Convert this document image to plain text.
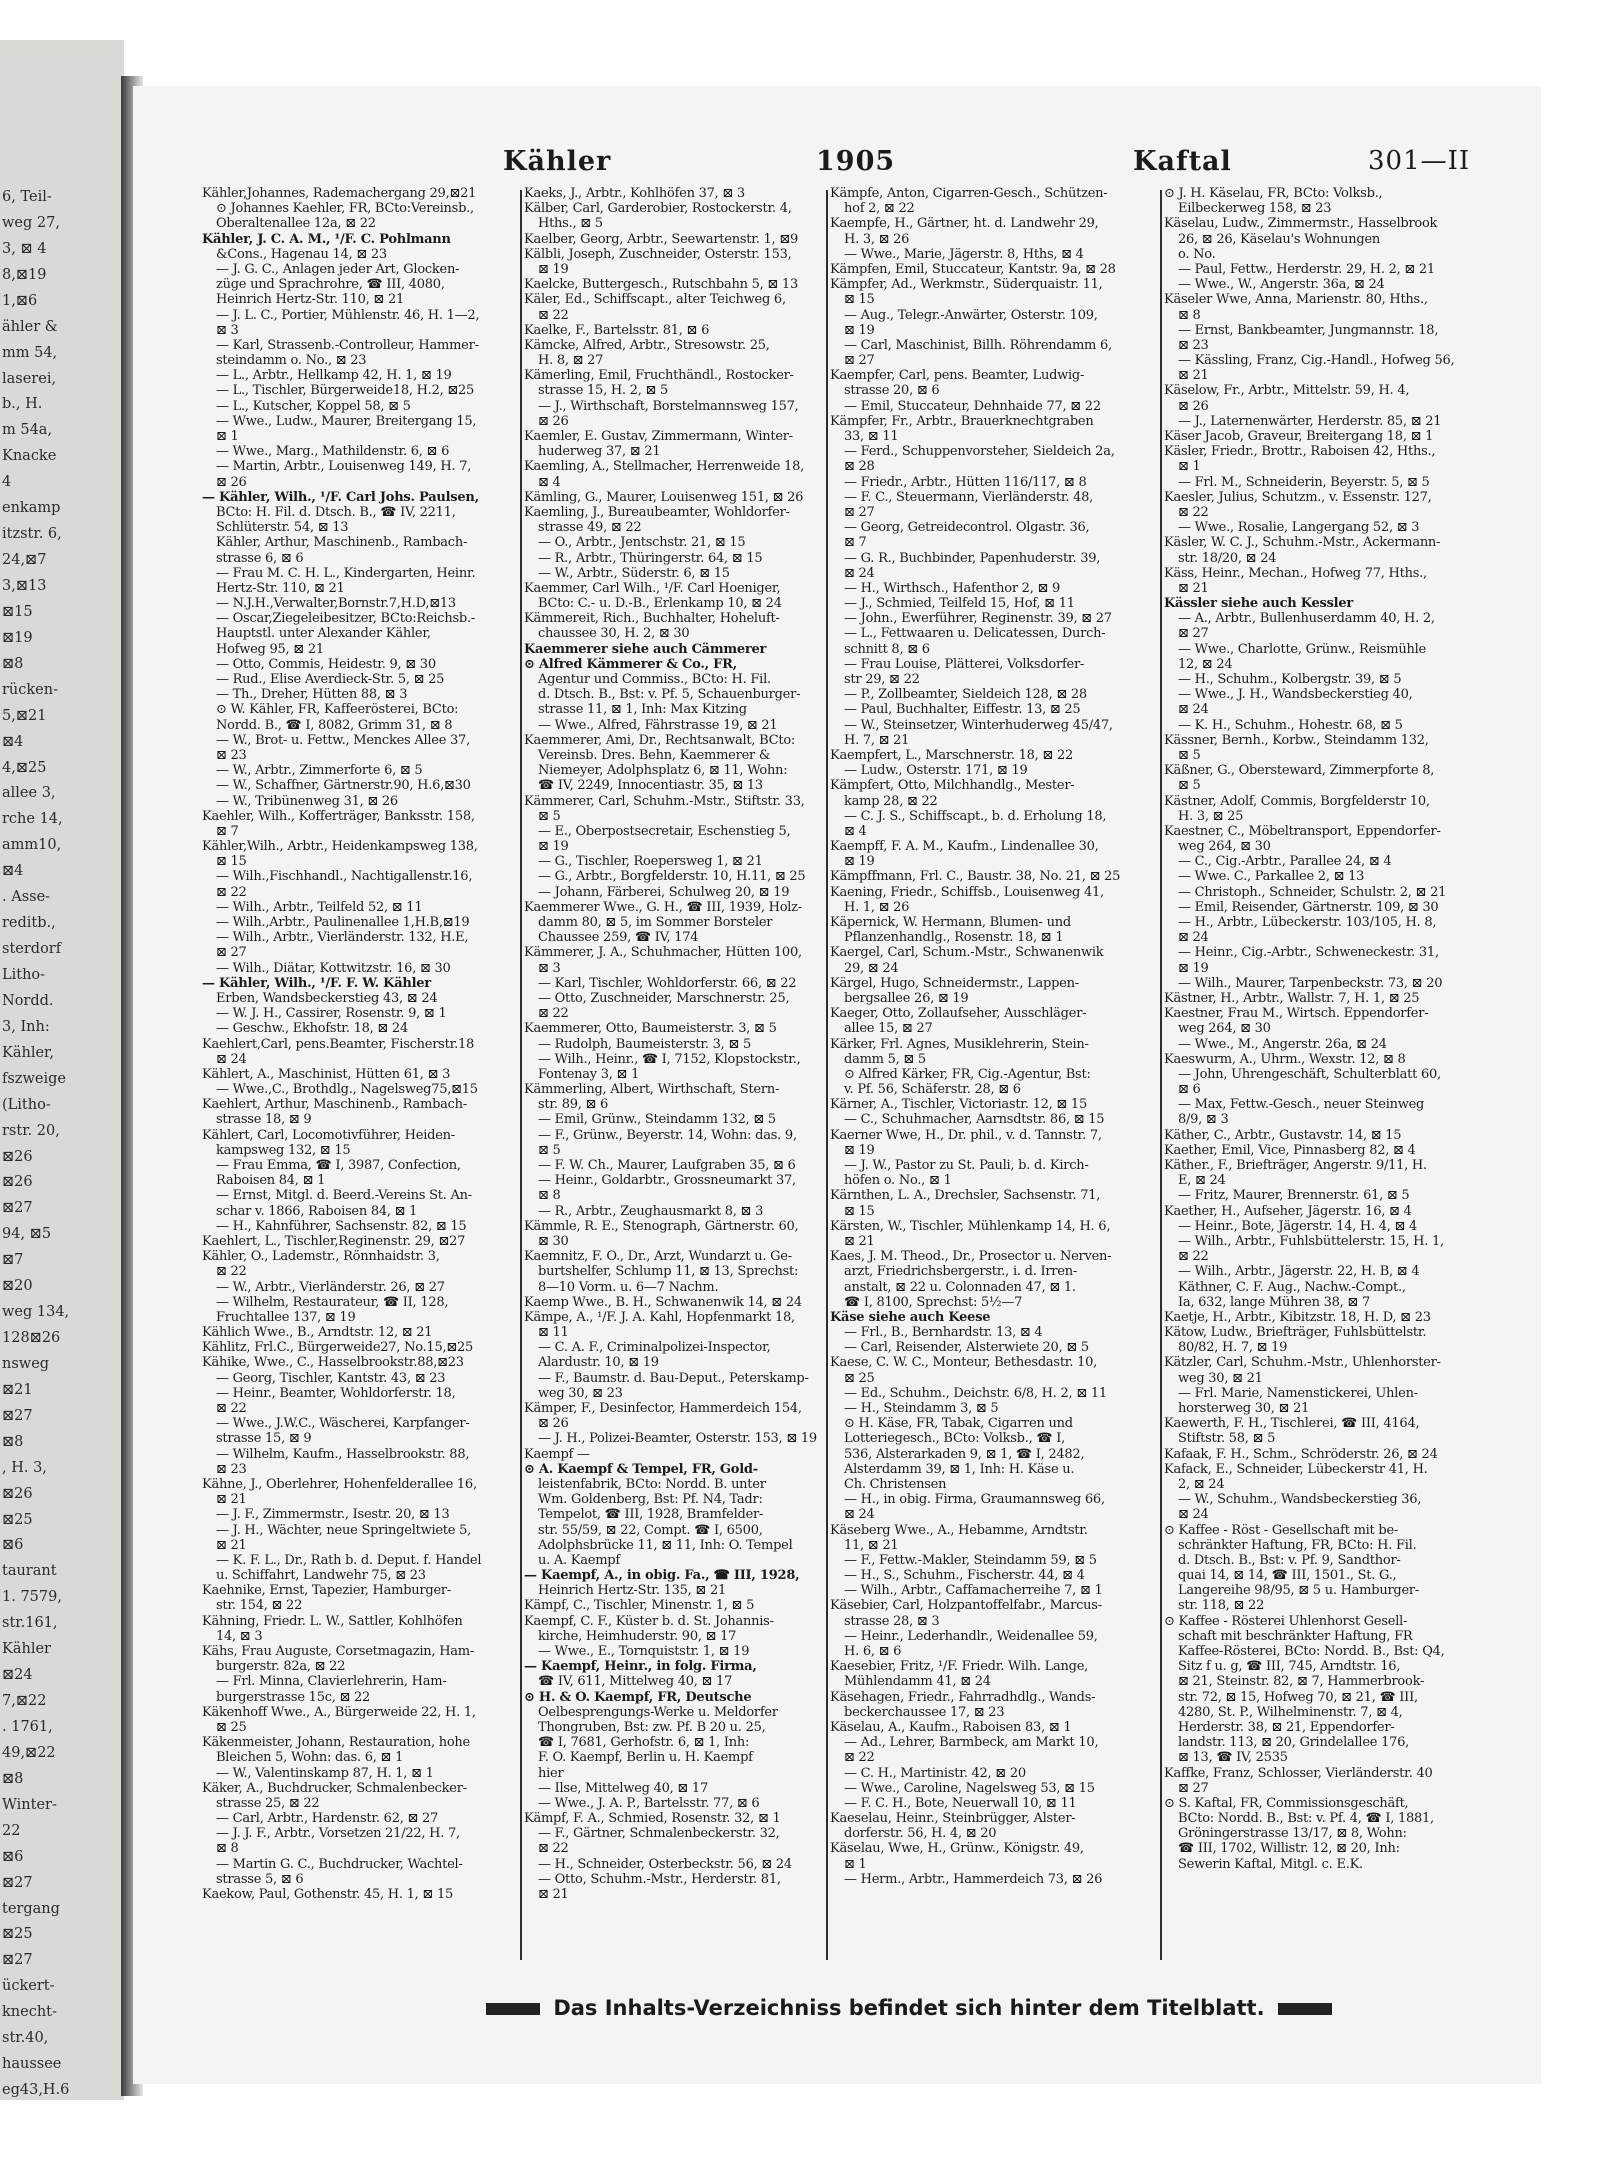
6, Teil-
weg 27,
3, ⊠ 4
8,⊠19
1,⊠6
ähler &
mm 54,
laserei,
b., H.
m 54a,
Knacke
4
enkamp
itzstr. 6,
24,⊠7
3,⊠13
⊠15
⊠19
⊠8
rücken-
5,⊠21
⊠4
4,⊠25
allee 3,
rche 14,
amm10,
⊠4
. Asse-
reditb.,
sterdorf
Litho-
Nordd.
3, Inh:
Kähler,
fszweige
(Litho-
rstr. 20,
⊠26
⊠26
⊠27
94, ⊠5
⊠7
⊠20
weg 134,
128⊠26
nsweg
⊠21
⊠27
⊠8
, H. 3,
⊠26
⊠25
⊠6
taurant
1. 7579,
str.161,
Kähler
⊠24
7,⊠22
. 1761,
49,⊠22
⊠8
Winter-
22
⊠6
⊠27
tergang
⊠25
⊠27
ückert-
knecht-
str.40,
haussee
eg43,H.6
Kähler	1905	Kaftal	301—II
Kähler,Johannes, Rademachergang 29,⊠21
⊙ Johannes Kaehler, FR, BCto:Vereinsb.,
Oberaltenallee 12a, ⊠ 22
Kähler, J. C. A. M., ¹/F. C. Pohlmann
&Cons., Hagenau 14, ⊠ 23
— J. G. C., Anlagen jeder Art, Glocken-
züge und Sprachrohre, ☎ III, 4080,
Heinrich Hertz-Str. 110, ⊠ 21
— J. L. C., Portier, Mühlenstr. 46, H. 1—2,
⊠ 3
— Karl, Strassenb.-Controlleur, Hammer-
steindamm o. No., ⊠ 23
— L., Arbtr., Hellkamp 42, H. 1, ⊠ 19
— L., Tischler, Bürgerweide18, H.2, ⊠25
— L., Kutscher, Koppel 58, ⊠ 5
— Wwe., Ludw., Maurer, Breitergang 15,
⊠ 1
— Wwe., Marg., Mathildenstr. 6, ⊠ 6
— Martin, Arbtr., Louisenweg 149, H. 7,
⊠ 26
— Kähler, Wilh., ¹/F. Carl Johs. Paulsen,
BCto: H. Fil. d. Dtsch. B., ☎ IV, 2211,
Schlüterstr. 54, ⊠ 13
Kähler, Arthur, Maschinenb., Rambach-
strasse 6, ⊠ 6
— Frau M. C. H. L., Kindergarten, Heinr.
Hertz-Str. 110, ⊠ 21
— N.J.H.,Verwalter,Bornstr.7,H.D,⊠13
— Oscar,Ziegeleibesitzer, BCto:Reichsb.-
Hauptstl. unter Alexander Kähler,
Hofweg 95, ⊠ 21
— Otto, Commis, Heidestr. 9, ⊠ 30
— Rud., Elise Averdieck-Str. 5, ⊠ 25
— Th., Dreher, Hütten 88, ⊠ 3
⊙ W. Kähler, FR, Kaffeerösterei, BCto:
Nordd. B., ☎ I, 8082, Grimm 31, ⊠ 8
— W., Brot- u. Fettw., Menckes Allee 37,
⊠ 23
— W., Arbtr., Zimmerforte 6, ⊠ 5
— W., Schaffner, Gärtnerstr.90, H.6,⊠30
— W., Tribünenweg 31, ⊠ 26
Kaehler, Wilh., Kofferträger, Banksstr. 158,
⊠ 7
Kähler,Wilh., Arbtr., Heidenkampsweg 138,
⊠ 15
— Wilh.,Fischhandl., Nachtigallenstr.16,
⊠ 22
— Wilh., Arbtr., Teilfeld 52, ⊠ 11
— Wilh.,Arbtr., Paulinenallee 1,H.B,⊠19
— Wilh., Arbtr., Vierländerstr. 132, H.E,
⊠ 27
— Wilh., Diätar, Kottwitzstr. 16, ⊠ 30
— Kähler, Wilh., ¹/F. F. W. Kähler
Erben, Wandsbeckerstieg 43, ⊠ 24
— W. J. H., Cassirer, Rosenstr. 9, ⊠ 1
— Geschw., Ekhofstr. 18, ⊠ 24
Kaehlert,Carl, pens.Beamter, Fischerstr.18
⊠ 24
Kählert, A., Maschinist, Hütten 61, ⊠ 3
— Wwe.,C., Brothdlg., Nagelsweg75,⊠15
Kaehlert, Arthur, Maschinenb., Rambach-
strasse 18, ⊠ 9
Kählert, Carl, Locomotivführer, Heiden-
kampsweg 132, ⊠ 15
— Frau Emma, ☎ I, 3987, Confection,
Raboisen 84, ⊠ 1
— Ernst, Mitgl. d. Beerd.-Vereins St. An-
schar v. 1866, Raboisen 84, ⊠ 1
— H., Kahnführer, Sachsenstr. 82, ⊠ 15
Kaehlert, L., Tischler,Reginenstr. 29, ⊠27
Kähler, O., Lademstr., Rönnhaidstr. 3,
⊠ 22
— W., Arbtr., Vierländerstr. 26, ⊠ 27
— Wilhelm, Restaurateur, ☎ II, 128,
Fruchtallee 137, ⊠ 19
Kählich Wwe., B., Arndtstr. 12, ⊠ 21
Kählitz, Frl.C., Bürgerweide27, No.15,⊠25
Kähike, Wwe., C., Hasselbrookstr.88,⊠23
— Georg, Tischler, Kantstr. 43, ⊠ 23
— Heinr., Beamter, Wohldorferstr. 18,
⊠ 22
— Wwe., J.W.C., Wäscherei, Karpfanger-
strasse 15, ⊠ 9
— Wilhelm, Kaufm., Hasselbrookstr. 88,
⊠ 23
Kähne, J., Oberlehrer, Hohenfelderallee 16,
⊠ 21
— J. F., Zimmermstr., Isestr. 20, ⊠ 13
— J. H., Wächter, neue Springeltwiete 5,
⊠ 21
— K. F. L., Dr., Rath b. d. Deput. f. Handel
u. Schiffahrt, Landwehr 75, ⊠ 23
Kaehnike, Ernst, Tapezier, Hamburger-
str. 154, ⊠ 22
Kähning, Friedr. L. W., Sattler, Kohlhöfen
14, ⊠ 3
Kähs, Frau Auguste, Corsetmagazin, Ham-
burgerstr. 82a, ⊠ 22
— Frl. Minna, Clavierlehrerin, Ham-
burgerstrasse 15c, ⊠ 22
Käkenhoff Wwe., A., Bürgerweide 22, H. 1,
⊠ 25
Käkenmeister, Johann, Restauration, hohe
Bleichen 5, Wohn: das. 6, ⊠ 1
— W., Valentinskamp 87, H. 1, ⊠ 1
Käker, A., Buchdrucker, Schmalenbecker-
strasse 25, ⊠ 22
— Carl, Arbtr., Hardenstr. 62, ⊠ 27
— J. J. F., Arbtr., Vorsetzen 21/22, H. 7,
⊠ 8
— Martin G. C., Buchdrucker, Wachtel-
strasse 5, ⊠ 6
Kaekow, Paul, Gothenstr. 45, H. 1, ⊠ 15
Kaeks, J., Arbtr., Kohlhöfen 37, ⊠ 3
Kälber, Carl, Garderobier, Rostockerstr. 4,
Hths., ⊠ 5
Kaelber, Georg, Arbtr., Seewartenstr. 1, ⊠9
Kälbli, Joseph, Zuschneider, Osterstr. 153,
⊠ 19
Kaelcke, Buttergesch., Rutschbahn 5, ⊠ 13
Käler, Ed., Schiffscapt., alter Teichweg 6,
⊠ 22
Kaelke, F., Bartelsstr. 81, ⊠ 6
Kämcke, Alfred, Arbtr., Stresowstr. 25,
H. 8, ⊠ 27
Kämerling, Emil, Fruchthändl., Rostocker-
strasse 15, H. 2, ⊠ 5
— J., Wirthschaft, Borstelmannsweg 157,
⊠ 26
Kaemler, E. Gustav, Zimmermann, Winter-
huderweg 37, ⊠ 21
Kaemling, A., Stellmacher, Herrenweide 18,
⊠ 4
Kämling, G., Maurer, Louisenweg 151, ⊠ 26
Kaemling, J., Bureaubeamter, Wohldorfer-
strasse 49, ⊠ 22
— O., Arbtr., Jentschstr. 21, ⊠ 15
— R., Arbtr., Thüringerstr. 64, ⊠ 15
— W., Arbtr., Süderstr. 6, ⊠ 15
Kaemmer, Carl Wilh., ¹/F. Carl Hoeniger,
BCto: C.- u. D.-B., Erlenkamp 10, ⊠ 24
Kämmereit, Rich., Buchhalter, Hoheluft-
chaussee 30, H. 2, ⊠ 30
Kaemmerer siehe auch Cämmerer
⊙ Alfred Kämmerer & Co., FR,
Agentur und Commiss., BCto: H. Fil.
d. Dtsch. B., Bst: v. Pf. 5, Schauenburger-
strasse 11, ⊠ 1, Inh: Max Kitzing
— Wwe., Alfred, Fährstrasse 19, ⊠ 21
Kaemmerer, Ami, Dr., Rechtsanwalt, BCto:
Vereinsb. Dres. Behn, Kaemmerer &
Niemeyer, Adolphsplatz 6, ⊠ 11, Wohn:
☎ IV, 2249, Innocentiastr. 35, ⊠ 13
Kämmerer, Carl, Schuhm.-Mstr., Stiftstr. 33,
⊠ 5
— E., Oberpostsecretair, Eschenstieg 5,
⊠ 19
— G., Tischler, Roepersweg 1, ⊠ 21
— G., Arbtr., Borgfelderstr. 10, H.11, ⊠ 25
— Johann, Färberei, Schulweg 20, ⊠ 19
Kaemmerer Wwe., G. H., ☎ III, 1939, Holz-
damm 80, ⊠ 5, im Sommer Borsteler
Chaussee 259, ☎ IV, 174
Kämmerer, J. A., Schuhmacher, Hütten 100,
⊠ 3
— Karl, Tischler, Wohldorferstr. 66, ⊠ 22
— Otto, Zuschneider, Marschnerstr. 25,
⊠ 22
Kaemmerer, Otto, Baumeisterstr. 3, ⊠ 5
— Rudolph, Baumeisterstr. 3, ⊠ 5
— Wilh., Heinr., ☎ I, 7152, Klopstockstr.,
Fontenay 3, ⊠ 1
Kämmerling, Albert, Wirthschaft, Stern-
str. 89, ⊠ 6
— Emil, Grünw., Steindamm 132, ⊠ 5
— F., Grünw., Beyerstr. 14, Wohn: das. 9,
⊠ 5
— F. W. Ch., Maurer, Laufgraben 35, ⊠ 6
— Heinr., Goldarbtr., Grossneumarkt 37,
⊠ 8
— R., Arbtr., Zeughausmarkt 8, ⊠ 3
Kämmle, R. E., Stenograph, Gärtnerstr. 60,
⊠ 30
Kaemnitz, F. O., Dr., Arzt, Wundarzt u. Ge-
burtshelfer, Schlump 11, ⊠ 13, Sprechst:
8—10 Vorm. u. 6—7 Nachm.
Kaemp Wwe., B. H., Schwanenwik 14, ⊠ 24
Kämpe, A., ¹/F. J. A. Kahl, Hopfenmarkt 18,
⊠ 11
— C. A. F., Criminalpolizei-Inspector,
Alardustr. 10, ⊠ 19
— F., Baumstr. d. Bau-Deput., Peterskamp-
weg 30, ⊠ 23
Kämper, F., Desinfector, Hammerdeich 154,
⊠ 26
— J. H., Polizei-Beamter, Osterstr. 153, ⊠ 19
Kaempf —
⊙ A. Kaempf & Tempel, FR, Gold-
leistenfabrik, BCto: Nordd. B. unter
Wm. Goldenberg, Bst: Pf. N4, Tadr:
Tempelot, ☎ III, 1928, Bramfelder-
str. 55/59, ⊠ 22, Compt. ☎ I, 6500,
Adolphsbrücke 11, ⊠ 11, Inh: O. Tempel
u. A. Kaempf
— Kaempf, A., in obig. Fa., ☎ III, 1928,
Heinrich Hertz-Str. 135, ⊠ 21
Kämpf, C., Tischler, Minenstr. 1, ⊠ 5
Kaempf, C. F., Küster b. d. St. Johannis-
kirche, Heimhuderstr. 90, ⊠ 17
— Wwe., E., Tornquiststr. 1, ⊠ 19
— Kaempf, Heinr., in folg. Firma,
☎ IV, 611, Mittelweg 40, ⊠ 17
⊙ H. & O. Kaempf, FR, Deutsche
Oelbesprengungs-Werke u. Meldorfer
Thongruben, Bst: zw. Pf. B 20 u. 25,
☎ I, 7681, Gerhofstr. 6, ⊠ 1, Inh:
F. O. Kaempf, Berlin u. H. Kaempf
hier
— Ilse, Mittelweg 40, ⊠ 17
— Wwe., J. A. P., Bartelsstr. 77, ⊠ 6
Kämpf, F. A., Schmied, Rosenstr. 32, ⊠ 1
— F., Gärtner, Schmalenbeckerstr. 32,
⊠ 22
— H., Schneider, Osterbeckstr. 56, ⊠ 24
— Otto, Schuhm.-Mstr., Herderstr. 81,
⊠ 21
Kämpfe, Anton, Cigarren-Gesch., Schützen-
hof 2, ⊠ 22
Kaempfe, H., Gärtner, ht. d. Landwehr 29,
H. 3, ⊠ 26
— Wwe., Marie, Jägerstr. 8, Hths, ⊠ 4
Kämpfen, Emil, Stuccateur, Kantstr. 9a, ⊠ 28
Kämpfer, Ad., Werkmstr., Süderquaistr. 11,
⊠ 15
— Aug., Telegr.-Anwärter, Osterstr. 109,
⊠ 19
— Carl, Maschinist, Billh. Röhrendamm 6,
⊠ 27
Kaempfer, Carl, pens. Beamter, Ludwig-
strasse 20, ⊠ 6
— Emil, Stuccateur, Dehnhaide 77, ⊠ 22
Kämpfer, Fr., Arbtr., Brauerknechtgraben
33, ⊠ 11
— Ferd., Schuppenvorsteher, Sieldeich 2a,
⊠ 28
— Friedr., Arbtr., Hütten 116/117, ⊠ 8
— F. C., Steuermann, Vierländerstr. 48,
⊠ 27
— Georg, Getreidecontrol. Olgastr. 36,
⊠ 7
— G. R., Buchbinder, Papenhuderstr. 39,
⊠ 24
— H., Wirthsch., Hafenthor 2, ⊠ 9
— J., Schmied, Teilfeld 15, Hof, ⊠ 11
— John., Ewerführer, Reginenstr. 39, ⊠ 27
— L., Fettwaaren u. Delicatessen, Durch-
schnitt 8, ⊠ 6
— Frau Louise, Plätterei, Volksdorfer-
str 29, ⊠ 22
— P., Zollbeamter, Sieldeich 128, ⊠ 28
— Paul, Buchhalter, Eiffestr. 13, ⊠ 25
— W., Steinsetzer, Winterhuderweg 45/47,
H. 7, ⊠ 21
Kaempfert, L., Marschnerstr. 18, ⊠ 22
— Ludw., Osterstr. 171, ⊠ 19
Kämpfert, Otto, Milchhandlg., Mester-
kamp 28, ⊠ 22
— C. J. S., Schiffscapt., b. d. Erholung 18,
⊠ 4
Kaempff, F. A. M., Kaufm., Lindenallee 30,
⊠ 19
Kämpffmann, Frl. C., Baustr. 38, No. 21, ⊠ 25
Kaening, Friedr., Schiffsb., Louisenweg 41,
H. 1, ⊠ 26
Käpernick, W. Hermann, Blumen- und
Pflanzenhandlg., Rosenstr. 18, ⊠ 1
Kaergel, Carl, Schum.-Mstr., Schwanenwik
29, ⊠ 24
Kärgel, Hugo, Schneidermstr., Lappen-
bergsallee 26, ⊠ 19
Kaeger, Otto, Zollaufseher, Ausschläger-
allee 15, ⊠ 27
Kärker, Frl. Agnes, Musiklehrerin, Stein-
damm 5, ⊠ 5
⊙ Alfred Kärker, FR, Cig.-Agentur, Bst:
v. Pf. 56, Schäferstr. 28, ⊠ 6
Kärner, A., Tischler, Victoriastr. 12, ⊠ 15
— C., Schuhmacher, Aarnsdtstr. 86, ⊠ 15
Kaerner Wwe, H., Dr. phil., v. d. Tannstr. 7,
⊠ 19
— J. W., Pastor zu St. Pauli, b. d. Kirch-
höfen o. No., ⊠ 1
Kärnthen, L. A., Drechsler, Sachsenstr. 71,
⊠ 15
Kärsten, W., Tischler, Mühlenkamp 14, H. 6,
⊠ 21
Kaes, J. M. Theod., Dr., Prosector u. Nerven-
arzt, Friedrichsbergerstr., i. d. Irren-
anstalt, ⊠ 22 u. Colonnaden 47, ⊠ 1.
☎ I, 8100, Sprechst: 5½—7
Käse siehe auch Keese
— Frl., B., Bernhardstr. 13, ⊠ 4
— Carl, Reisender, Alsterwiete 20, ⊠ 5
Kaese, C. W. C., Monteur, Bethesdastr. 10,
⊠ 25
— Ed., Schuhm., Deichstr. 6/8, H. 2, ⊠ 11
— H., Steindamm 3, ⊠ 5
⊙ H. Käse, FR, Tabak, Cigarren und
Lotteriegesch., BCto: Volksb., ☎ I,
536, Alsterarkaden 9, ⊠ 1, ☎ I, 2482,
Alsterdamm 39, ⊠ 1, Inh: H. Käse u.
Ch. Christensen
— H., in obig. Firma, Graumannsweg 66,
⊠ 24
Käseberg Wwe., A., Hebamme, Arndtstr.
11, ⊠ 21
— F., Fettw.-Makler, Steindamm 59, ⊠ 5
— H., S., Schuhm., Fischerstr. 44, ⊠ 4
— Wilh., Arbtr., Caffamacherreihe 7, ⊠ 1
Käsebier, Carl, Holzpantoffelfabr., Marcus-
strasse 28, ⊠ 3
— Heinr., Lederhandlr., Weidenallee 59,
H. 6, ⊠ 6
Kaesebier, Fritz, ¹/F. Friedr. Wilh. Lange,
Mühlendamm 41, ⊠ 24
Käsehagen, Friedr., Fahrradhdlg., Wands-
beckerchaussee 17, ⊠ 23
Käselau, A., Kaufm., Raboisen 83, ⊠ 1
— Ad., Lehrer, Barmbeck, am Markt 10,
⊠ 22
— C. H., Martinistr. 42, ⊠ 20
— Wwe., Caroline, Nagelsweg 53, ⊠ 15
— F. C. H., Bote, Neuerwall 10, ⊠ 11
Kaeselau, Heinr., Steinbrügger, Alster-
dorferstr. 56, H. 4, ⊠ 20
Käselau, Wwe, H., Grünw., Königstr. 49,
⊠ 1
— Herm., Arbtr., Hammerdeich 73, ⊠ 26
⊙ J. H. Käselau, FR, BCto: Volksb.,
Eilbeckerweg 158, ⊠ 23
Käselau, Ludw., Zimmermstr., Hasselbrook
26, ⊠ 26, Käselau's Wohnungen
o. No.
— Paul, Fettw., Herderstr. 29, H. 2, ⊠ 21
— Wwe., W., Angerstr. 36a, ⊠ 24
Käseler Wwe, Anna, Marienstr. 80, Hths.,
⊠ 8
— Ernst, Bankbeamter, Jungmannstr. 18,
⊠ 23
— Kässling, Franz, Cig.-Handl., Hofweg 56,
⊠ 21
Käselow, Fr., Arbtr., Mittelstr. 59, H. 4,
⊠ 26
— J., Laternenwärter, Herderstr. 85, ⊠ 21
Käser Jacob, Graveur, Breitergang 18, ⊠ 1
Käsler, Friedr., Brottr., Raboisen 42, Hths.,
⊠ 1
— Frl. M., Schneiderin, Beyerstr. 5, ⊠ 5
Kaesler, Julius, Schutzm., v. Essenstr. 127,
⊠ 22
— Wwe., Rosalie, Langergang 52, ⊠ 3
Käsler, W. C. J., Schuhm.-Mstr., Ackermann-
str. 18/20, ⊠ 24
Käss, Heinr., Mechan., Hofweg 77, Hths.,
⊠ 21
Kässler siehe auch Kessler
— A., Arbtr., Bullenhuserdamm 40, H. 2,
⊠ 27
— Wwe., Charlotte, Grünw., Reismühle
12, ⊠ 24
— H., Schuhm., Kolbergstr. 39, ⊠ 5
— Wwe., J. H., Wandsbeckerstieg 40,
⊠ 24
— K. H., Schuhm., Hohestr. 68, ⊠ 5
Kässner, Bernh., Korbw., Steindamm 132,
⊠ 5
Käßner, G., Obersteward, Zimmerpforte 8,
⊠ 5
Kästner, Adolf, Commis, Borgfelderstr 10,
H. 3, ⊠ 25
Kaestner, C., Möbeltransport, Eppendorfer-
weg 264, ⊠ 30
— C., Cig.-Arbtr., Parallee 24, ⊠ 4
— Wwe. C., Parkallee 2, ⊠ 13
— Christoph., Schneider, Schulstr. 2, ⊠ 21
— Emil, Reisender, Gärtnerstr. 109, ⊠ 30
— H., Arbtr., Lübeckerstr. 103/105, H. 8,
⊠ 24
— Heinr., Cig.-Arbtr., Schweneckestr. 31,
⊠ 19
— Wilh., Maurer, Tarpenbeckstr. 73, ⊠ 20
Kästner, H., Arbtr., Wallstr. 7, H. 1, ⊠ 25
Kaestner, Frau M., Wirtsch. Eppendorfer-
weg 264, ⊠ 30
— Wwe., M., Angerstr. 26a, ⊠ 24
Kaeswurm, A., Uhrm., Wexstr. 12, ⊠ 8
— John, Uhrengeschäft, Schulterblatt 60,
⊠ 6
— Max, Fettw.-Gesch., neuer Steinweg
8/9, ⊠ 3
Käther, C., Arbtr., Gustavstr. 14, ⊠ 15
Kaether, Emil, Vice, Pinnasberg 82, ⊠ 4
Käther., F., Briefträger, Angerstr. 9/11, H.
E, ⊠ 24
— Fritz, Maurer, Brennerstr. 61, ⊠ 5
Kaether, H., Aufseher, Jägerstr. 16, ⊠ 4
— Heinr., Bote, Jägerstr. 14, H. 4, ⊠ 4
— Wilh., Arbtr., Fuhlsbüttelerstr. 15, H. 1,
⊠ 22
— Wilh., Arbtr., Jägerstr. 22, H. B, ⊠ 4
Käthner, C. F. Aug., Nachw.-Compt.,
Ia, 632, lange Mühren 38, ⊠ 7
Kaetje, H., Arbtr., Kibitzstr. 18, H. D, ⊠ 23
Kätow, Ludw., Briefträger, Fuhlsbüttelstr.
80/82, H. 7, ⊠ 19
Kätzler, Carl, Schuhm.-Mstr., Uhlenhorster-
weg 30, ⊠ 21
— Frl. Marie, Namenstickerei, Uhlen-
horsterweg 30, ⊠ 21
Kaewerth, F. H., Tischlerei, ☎ III, 4164,
Stiftstr. 58, ⊠ 5
Kafaak, F. H., Schm., Schröderstr. 26, ⊠ 24
Kafack, E., Schneider, Lübeckerstr 41, H.
2, ⊠ 24
— W., Schuhm., Wandsbeckerstieg 36,
⊠ 24
⊙ Kaffee - Röst - Gesellschaft mit be-
schränkter Haftung, FR, BCto: H. Fil.
d. Dtsch. B., Bst: v. Pf. 9, Sandthor-
quai 14, ⊠ 14, ☎ III, 1501., St. G.,
Langereihe 98/95, ⊠ 5 u. Hamburger-
str. 118, ⊠ 22
⊙ Kaffee - Rösterei Uhlenhorst Gesell-
schaft mit beschränkter Haftung, FR
Kaffee-Rösterei, BCto: Nordd. B., Bst: Q4,
Sitz f u. g, ☎ III, 745, Arndtstr. 16,
⊠ 21, Steinstr. 82, ⊠ 7, Hammerbrook-
str. 72, ⊠ 15, Hofweg 70, ⊠ 21, ☎ III,
4280, St. P., Wilhelminenstr. 7, ⊠ 4,
Herderstr. 38, ⊠ 21, Eppendorfer-
landstr. 113, ⊠ 20, Grindelallee 176,
⊠ 13, ☎ IV, 2535
Kaffke, Franz, Schlosser, Vierländerstr. 40
⊠ 27
⊙ S. Kaftal, FR, Commissionsgeschäft,
BCto: Nordd. B., Bst: v. Pf. 4, ☎ I, 1881,
Gröningerstrasse 13/17, ⊠ 8, Wohn:
☎ III, 1702, Willistr. 12, ⊠ 20, Inh:
Sewerin Kaftal, Mitgl. c. E.K.
Das Inhalts-Verzeichniss befindet sich hinter dem Titelblatt.
